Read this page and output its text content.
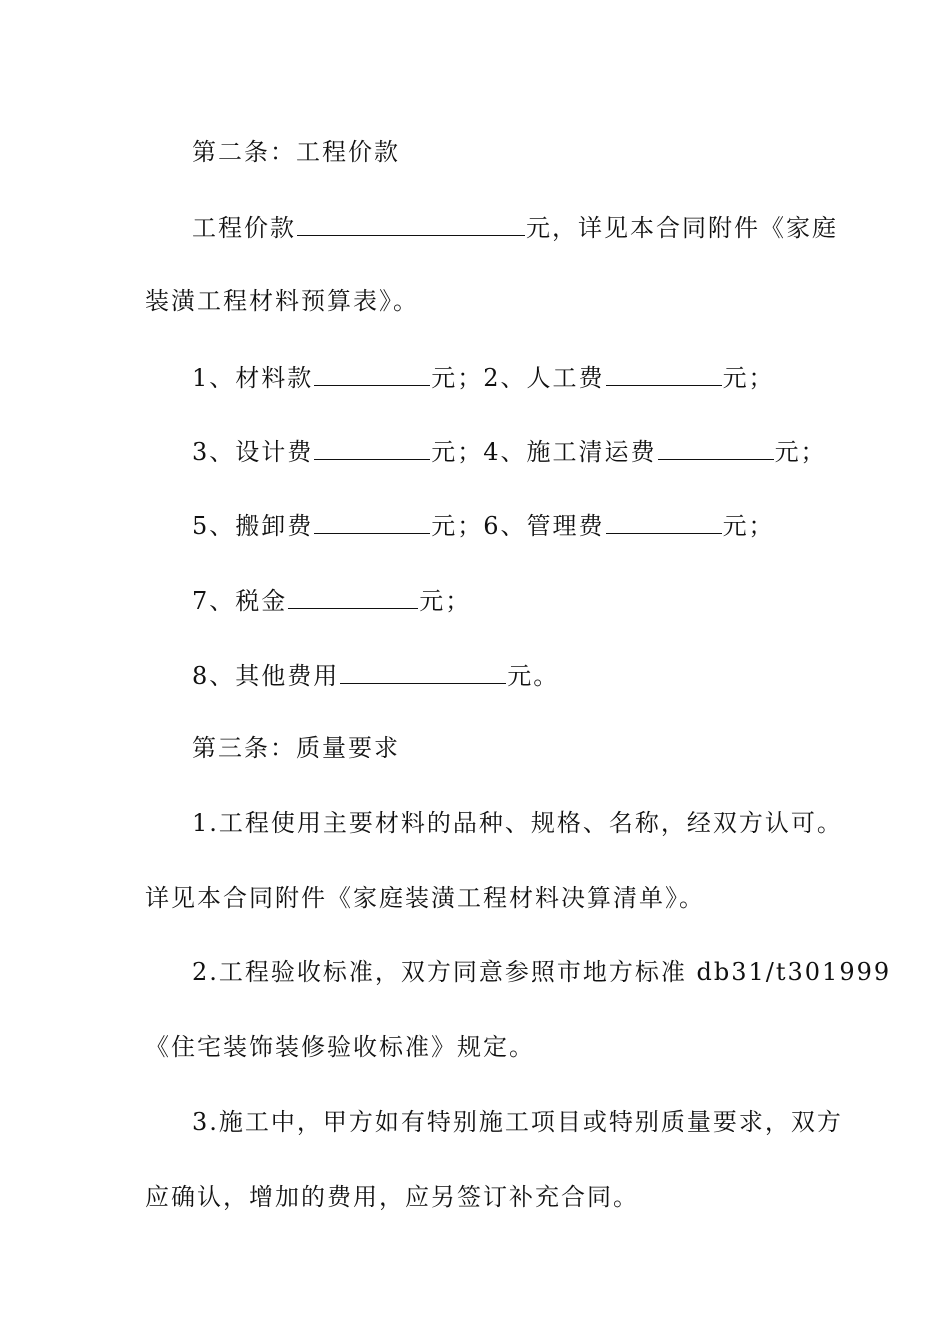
第二条：工程价款
工程价款	元，详见本合同附件《家庭
装潢工程材料预算表》。
1、材料款	元；2、人工费	元；
3、设计费	元；4、施工清运费	元；
5、搬卸费	元；6、管理费	元；
7、税金	元；
8、其他费用	元。
第三条：质量要求
1.工程使用主要材料的品种、规格、名称，经双方认可。
详见本合同附件《家庭装潢工程材料决算清单》。
2.工程验收标准，双方同意参照市地方标准 db31/t301999
《住宅装饰装修验收标准》规定。
3.施工中，甲方如有特别施工项目或特别质量要求，双方
应确认，增加的费用，应另签订补充合同。
